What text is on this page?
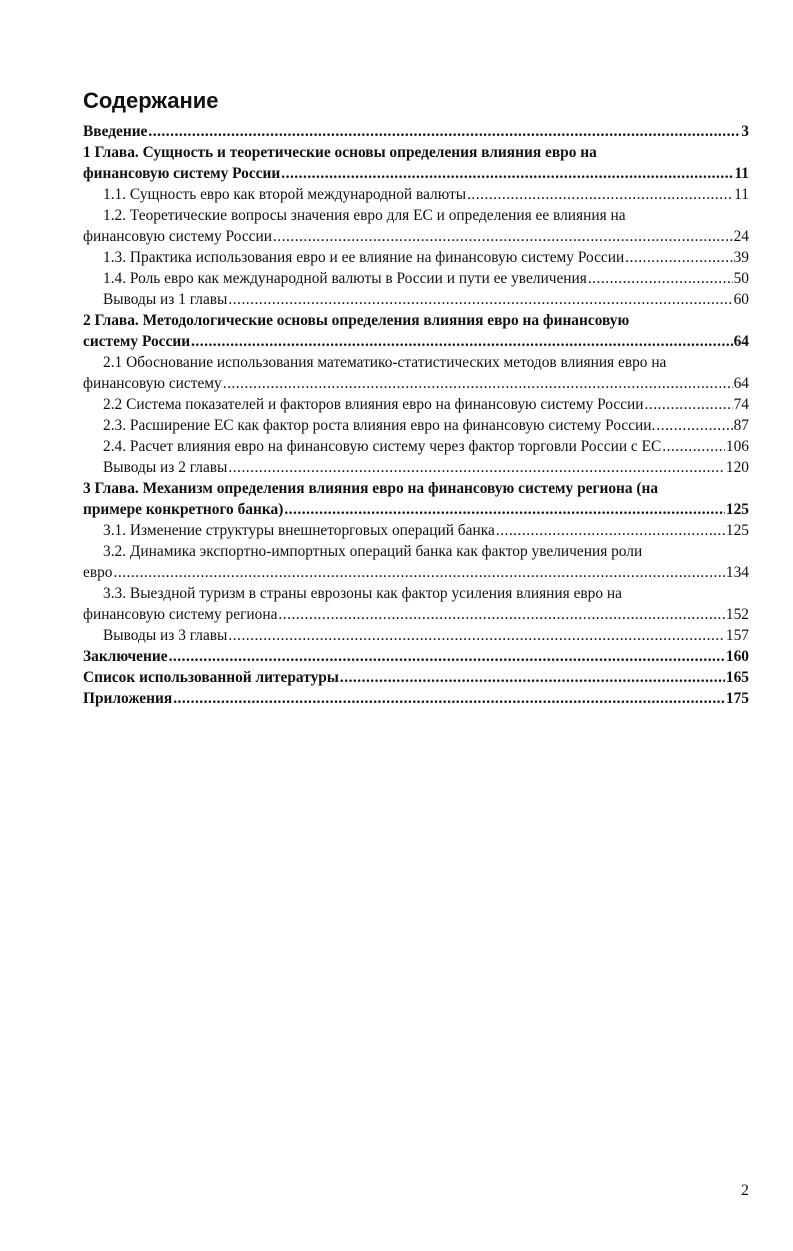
Содержание
Введение .....	3
1 Глава. Сущность и теоретические основы определения влияния евро на
финансовую систему России .....	11
1.1. Сущность евро как второй международной валюты .....	11
1.2. Теоретические вопросы значения евро для ЕС и определения ее влияния на
финансовую систему России .....	24
1.3. Практика использования евро и ее влияние на финансовую систему России .....	39
1.4. Роль евро как международной валюты в России и пути ее увеличения .....	50
Выводы из 1 главы .....	60
2 Глава. Методологические основы определения влияния евро на финансовую
систему России .....	64
2.1 Обоснование использования математико-статистических методов влияния евро на
финансовую систему .....	64
2.2 Система показателей и факторов влияния евро на финансовую систему России .....	74
2.3. Расширение ЕС как фактор роста влияния евро на финансовую систему России. .....	87
2.4. Расчет влияния евро на финансовую систему через фактор торговли России с ЕС .....	106
Выводы из 2 главы .....	120
3 Глава. Механизм определения влияния евро на финансовую систему региона (на
примере конкретного банка) .....	125
3.1. Изменение структуры внешнеторговых операций банка .....	125
3.2. Динамика экспортно-импортных операций банка как фактор увеличения роли
евро .....	134
3.3. Выездной туризм в страны еврозоны как фактор усиления влияния евро на
финансовую систему региона .....	152
Выводы из 3 главы .....	157
Заключение .....	160
Список использованной литературы .....	165
Приложения .....	175
2
